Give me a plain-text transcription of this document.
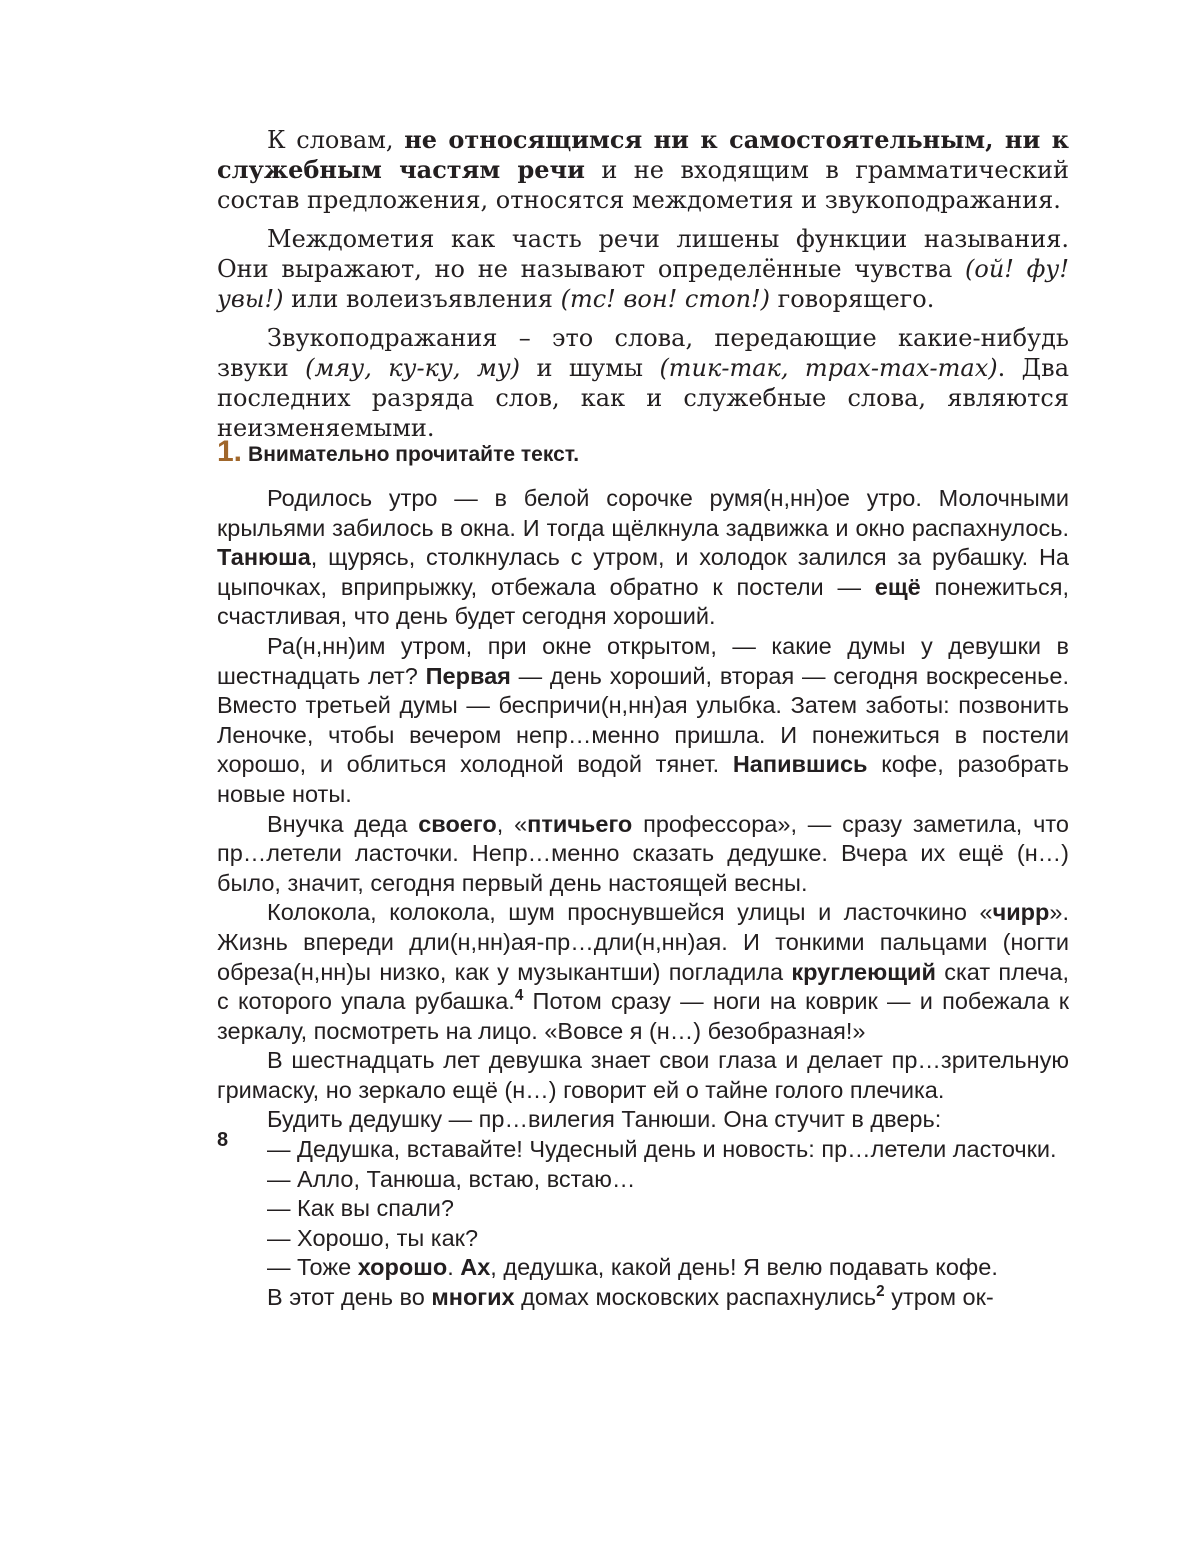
К словам, не относящимся ни к самостоятельным, ни к служебным частям речи и не входящим в грамматический состав предложения, относятся междометия и звукоподражания.

Междометия как часть речи лишены функции называния. Они выражают, но не называют определённые чувства (ой! фу! увы!) или волеизъявления (тс! вон! стоп!) говорящего.

Звукоподражания – это слова, передающие какие-нибудь звуки (мяу, ку-ку, му) и шумы (тик-так, трах-тах-тах). Два последних разряда слов, как и служебные слова, являются неизменяемыми.

1. Внимательно прочитайте текст.

Родилось утро — в белой сорочке румя(н,нн)ое утро. Молочными крыльями забилось в окна. И тогда щёлкнула задвижка и окно распахнулось. Танюша, щурясь, столкнулась с утром, и холодок залился за рубашку. На цыпочках, вприпрыжку, отбежала обратно к постели — ещё понежиться, счастливая, что день будет сегодня хороший.

Ра(н,нн)им утром, при окне открытом, — какие думы у девушки в шестнадцать лет? Первая — день хороший, вторая — сегодня воскресенье. Вместо третьей думы — беспричи(н,нн)ая улыбка. Затем заботы: позвонить Леночке, чтобы вечером непр…менно пришла. И понежиться в постели хорошо, и облиться холодной водой тянет. Напившись кофе, разобрать новые ноты.

Внучка деда своего, «птичьего профессора», — сразу заметила, что пр…летели ласточки. Непр…менно сказать дедушке. Вчера их ещё (н…) было, значит, сегодня первый день настоящей весны.

Колокола, колокола, шум проснувшейся улицы и ласточкино «чирр». Жизнь впереди дли(н,нн)ая-пр…дли(н,нн)ая. И тонкими пальцами (ногти обреза(н,нн)ы низко, как у музыкантши) погладила круглеющий скат плеча, с которого упала рубашка.$^4$ Потом сразу — ноги на коврик — и побежала к зеркалу, посмотреть на лицо. «Вовсе я (н…) безобразная!»

В шестнадцать лет девушка знает свои глаза и делает пр…зрительную гримаску, но зеркало ещё (н…) говорит ей о тайне голого плечика.

Будить дедушку — пр…вилегия Танюши. Она стучит в дверь:

— Дедушка, вставайте! Чудесный день и новость: пр…летели ласточки.

— Алло, Танюша, встаю, встаю…

— Как вы спали?

— Хорошо, ты как?

— Тоже хорошо. Ах, дедушка, какой день! Я велю подавать кофе.

В этот день во многих домах московских распахнулись$^2$ утром ок-

8
